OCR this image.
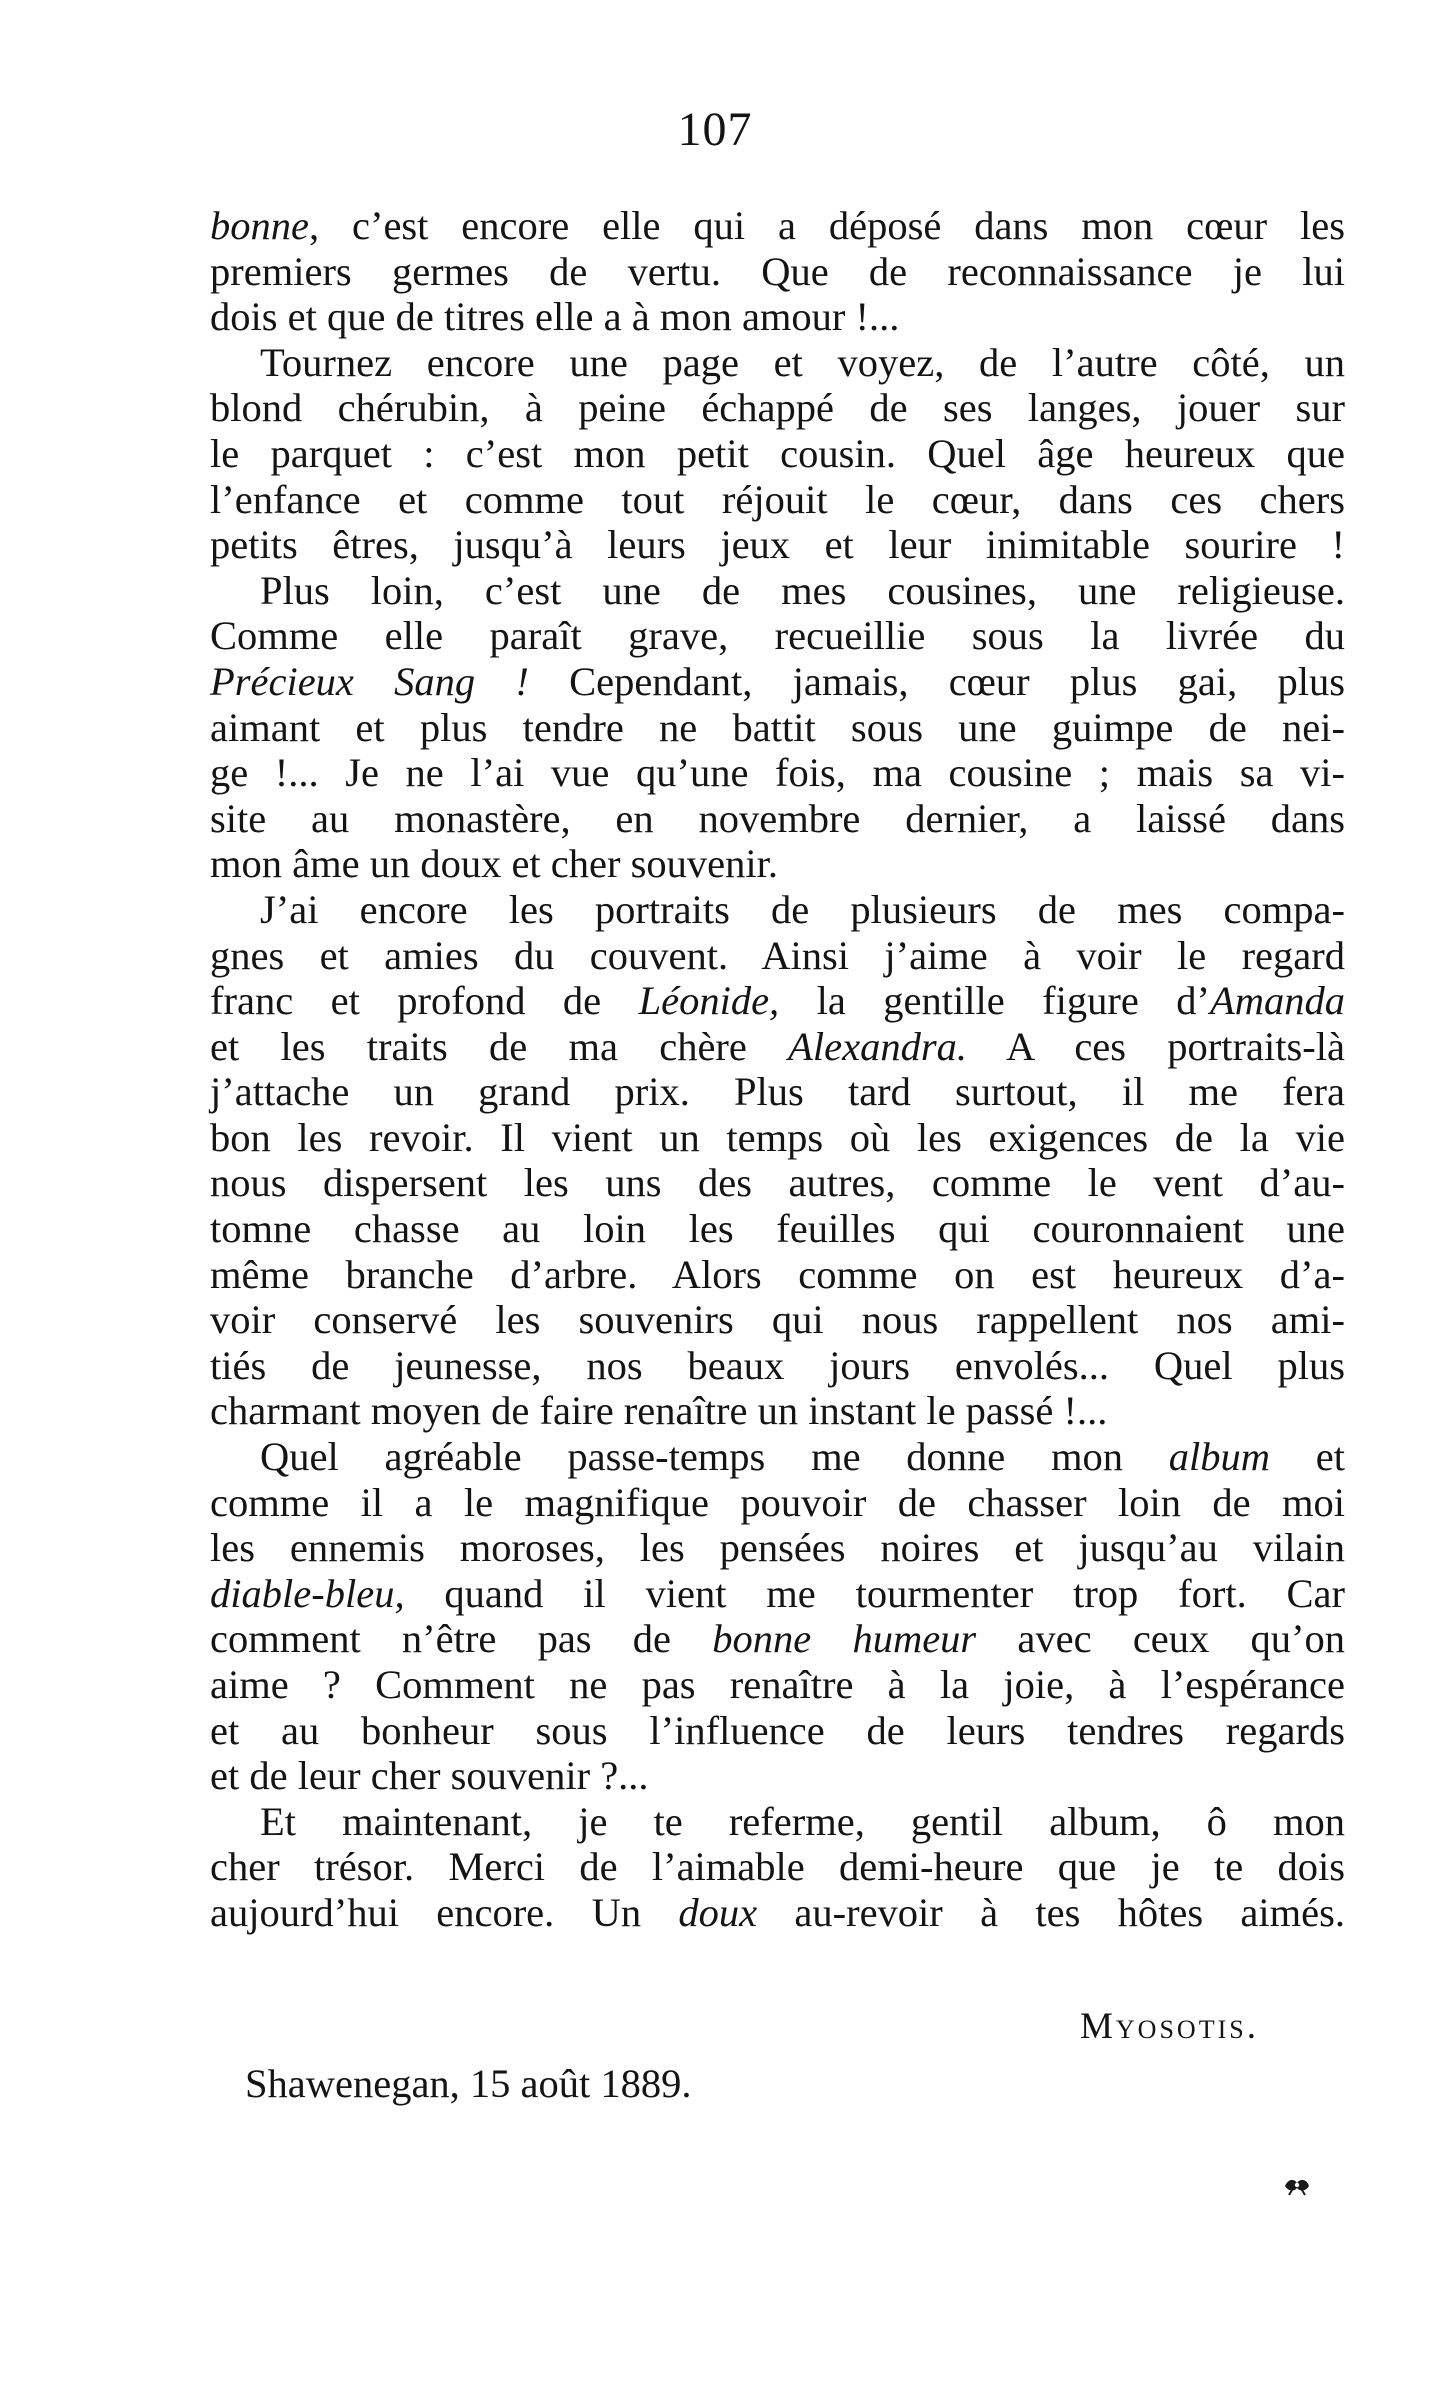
107
bonne, c’est encore elle qui a déposé dans mon cœur les
premiers germes de vertu. Que de reconnaissance je lui
dois et que de titres elle a à mon amour !...
Tournez encore une page et voyez, de l’autre côté, un
blond chérubin, à peine échappé de ses langes, jouer sur
le parquet : c’est mon petit cousin. Quel âge heureux que
l’enfance et comme tout réjouit le cœur, dans ces chers
petits êtres, jusqu’à leurs jeux et leur inimitable sourire !
Plus loin, c’est une de mes cousines, une religieuse.
Comme elle paraît grave, recueillie sous la livrée du
Précieux Sang ! Cependant, jamais, cœur plus gai, plus
aimant et plus tendre ne battit sous une guimpe de nei-
ge !... Je ne l’ai vue qu’une fois, ma cousine ; mais sa vi-
site au monastère, en novembre dernier, a laissé dans
mon âme un doux et cher souvenir.
J’ai encore les portraits de plusieurs de mes compa-
gnes et amies du couvent. Ainsi j’aime à voir le regard
franc et profond de Léonide, la gentille figure d’Amanda
et les traits de ma chère Alexandra. A ces portraits-là
j’attache un grand prix. Plus tard surtout, il me fera
bon les revoir. Il vient un temps où les exigences de la vie
nous dispersent les uns des autres, comme le vent d’au-
tomne chasse au loin les feuilles qui couronnaient une
même branche d’arbre. Alors comme on est heureux d’a-
voir conservé les souvenirs qui nous rappellent nos ami-
tiés de jeunesse, nos beaux jours envolés... Quel plus
charmant moyen de faire renaître un instant le passé !...
Quel agréable passe-temps me donne mon album et
comme il a le magnifique pouvoir de chasser loin de moi
les ennemis moroses, les pensées noires et jusqu’au vilain
diable-bleu, quand il vient me tourmenter trop fort. Car
comment n’être pas de bonne humeur avec ceux qu’on
aime ? Comment ne pas renaître à la joie, à l’espérance
et au bonheur sous l’influence de leurs tendres regards
et de leur cher souvenir ?...
Et maintenant, je te referme, gentil album, ô mon
cher trésor. Merci de l’aimable demi-heure que je te dois
aujourd’hui encore. Un doux au-revoir à tes hôtes aimés.
Myosotis.
Shawenegan, 15 août 1889.
